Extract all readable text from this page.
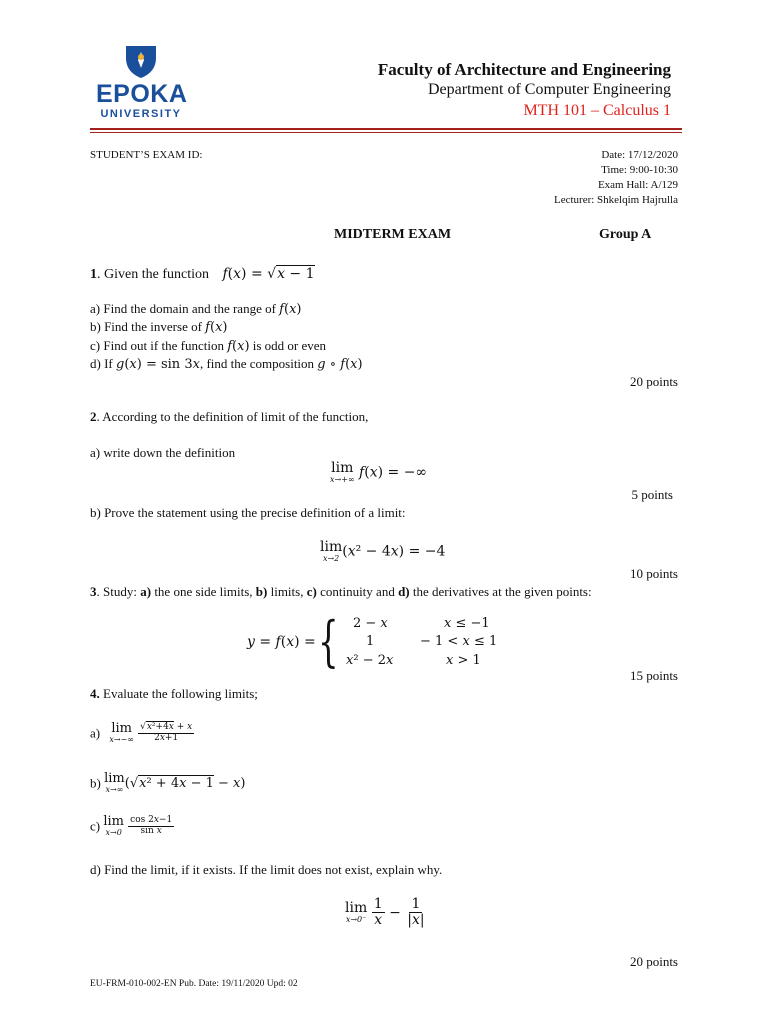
EPOKA
UNIVERSITY
Faculty of Architecture and Engineering
Department of Computer Engineering
MTH 101 – Calculus 1
STUDENT’S EXAM ID:	Date: 17/12/2020
Time: 9:00-10:30
Exam Hall: A/129
Lecturer: Shkelqim Hajrulla
MIDTERM EXAM	Group A
1. Given the function f(x) = √x − 1
a) Find the domain and the range of f(x)
b) Find the inverse of f(x)
c) Find out if the function f(x) is odd or even
d) If g(x) = sin 3x, find the composition g ∘ f(x)
20 points
2. According to the definition of limit of the function,
a) write down the definition
lim
x→+∞ f(x) = −∞
5 points
b) Prove the statement using the precise definition of a limit:
lim
x→2 (x² − 4x) = −4
10 points
3. Study: a) the one side limits, b) limits, c) continuity and d) the derivatives at the given points:
y = f(x) = { 2 − x	x ≤ −1
1	− 1 < x ≤ 1
x² − 2x	x > 1
15 points
4. Evaluate the following limits;
a) lim
x→−∞
$\frac{\text{√x²+4x + x}}{2x+1}$
b) lim
x→∞ (√x² + 4x − 1 − x)
c) lim
x→0
$\frac{\cos 2x-1}{\text{sin x}}$
d) Find the limit, if it exists. If the limit does not exist, explain why.
lim
x→0⁻
$\frac{1}{x} - \frac{1}{|x|}$
20 points
EU-FRM-010-002-EN Pub. Date: 19/11/2020 Upd: 02
